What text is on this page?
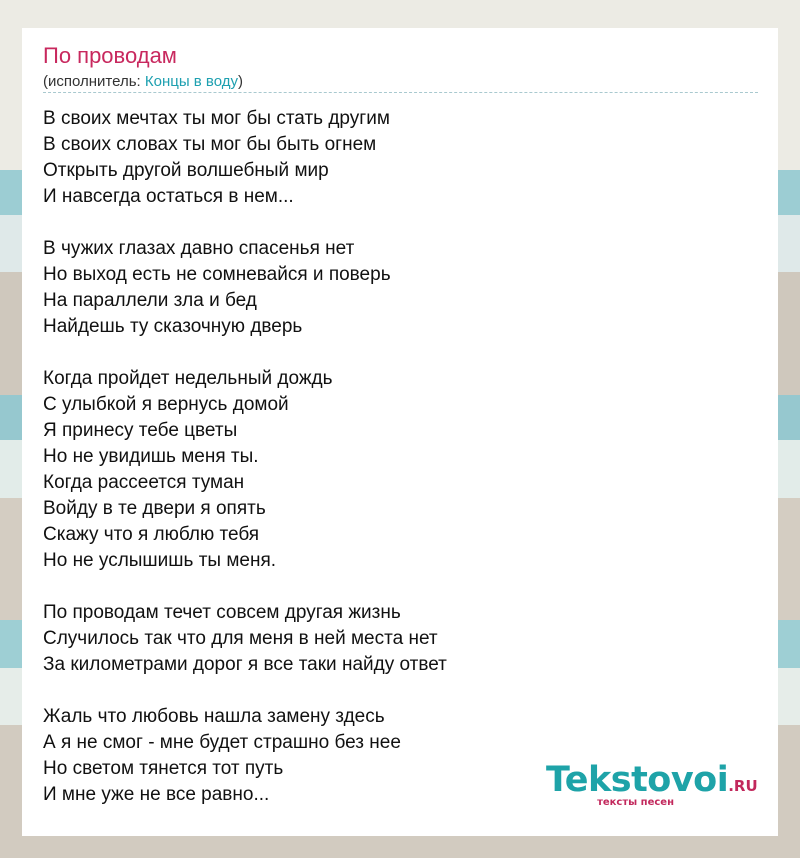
По проводам
(исполнитель: Концы в воду)
В своих мечтах ты мог бы стать другим
В своих словах ты мог бы быть огнем
Открыть другой волшебный мир
И навсегда остаться в нем...
В чужих глазах давно спасенья нет
Но выход есть не сомневайся и поверь
На параллели зла и бед
Найдешь ту сказочную дверь
Когда пройдет недельный дождь
С улыбкой я вернусь домой
Я принесу тебе цветы
Но не увидишь меня ты.
Когда рассеется туман
Войду в те двери я опять
Скажу что я люблю тебя
Но не услышишь ты меня.
По проводам течет совсем другая жизнь
Случилось так что для меня в ней места нет
За километрами дорог я все таки найду ответ
Жаль что любовь нашла замену здесь
А я не смог - мне будет страшно без нее
Но светом тянется тот путь
И мне уже не все равно...	Tekstovoi.RU
тексты песен
